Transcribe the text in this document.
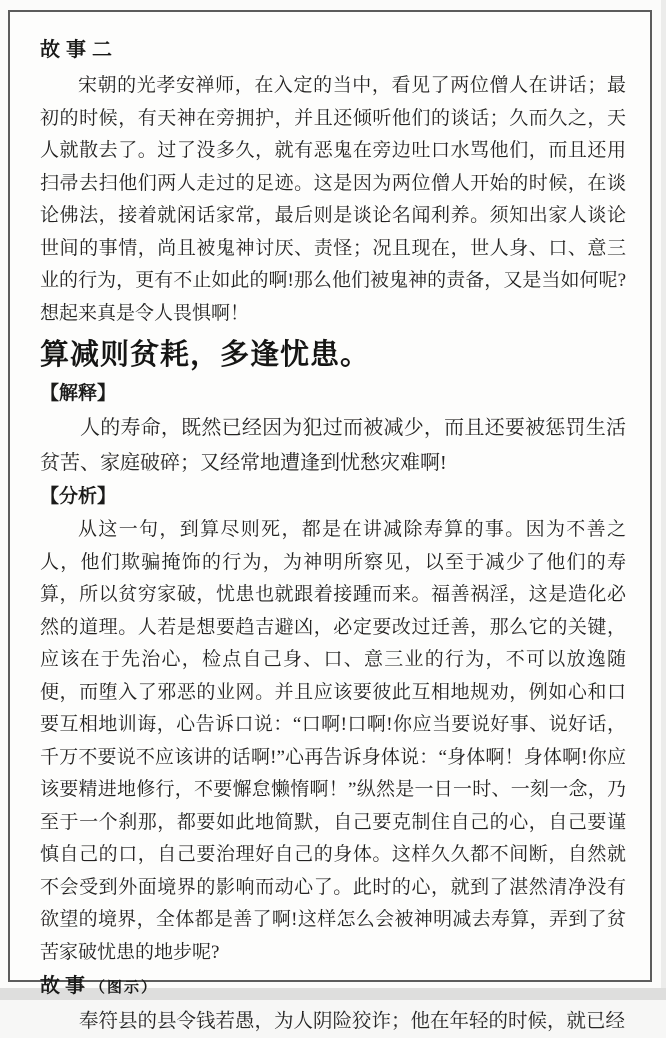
故事二

宋朝的光孝安禅师，在入定的当中，看见了两位僧人在讲话；最初的时候，有天神在旁拥护，并且还倾听他们的谈话；久而久之，天人就散去了。过了没多久，就有恶鬼在旁边吐口水骂他们，而且还用扫帚去扫他们两人走过的足迹。这是因为两位僧人开始的时候，在谈论佛法，接着就闲话家常，最后则是谈论名闻利养。须知出家人谈论世间的事情，尚且被鬼神讨厌、责怪；况且现在，世人身、口、意三业的行为，更有不止如此的啊!那么他们被鬼神的责备，又是当如何呢?想起来真是令人畏惧啊！

算减则贫耗，多逢忧患。
【解释】

人的寿命，既然已经因为犯过而被减少，而且还要被惩罚生活贫苦、家庭破碎；又经常地遭逢到忧愁灾难啊!

【分析】

从这一句，到算尽则死，都是在讲减除寿算的事。因为不善之人，他们欺骗掩饰的行为，为神明所察见，以至于减少了他们的寿算，所以贫穷家破，忧患也就跟着接踵而来。福善祸淫，这是造化必然的道理。人若是想要趋吉避凶，必定要改过迁善，那么它的关键，应该在于先治心，检点自己身、口、意三业的行为，不可以放逸随便，而堕入了邪恶的业网。并且应该要彼此互相地规劝，例如心和口要互相地训诲，心告诉口说：“口啊!口啊!你应当要说好事、说好话，千万不要说不应该讲的话啊!”心再告诉身体说：“身体啊！身体啊!你应该要精进地修行，不要懈怠懒惰啊！”纵然是一日一时、一刻一念，乃至于一个刹那，都要如此地简默，自己要克制住自己的心，自己要谨慎自己的口，自己要治理好自己的身体。这样久久都不间断，自然就不会受到外面境界的影响而动心了。此时的心，就到了湛然清净没有欲望的境界，全体都是善了啊!这样怎么会被神明减去寿算，弄到了贫苦家破忧患的地步呢?

故事（图示）

奉符县的县令钱若愚，为人阴险狡诈；他在年轻的时候，就已经
